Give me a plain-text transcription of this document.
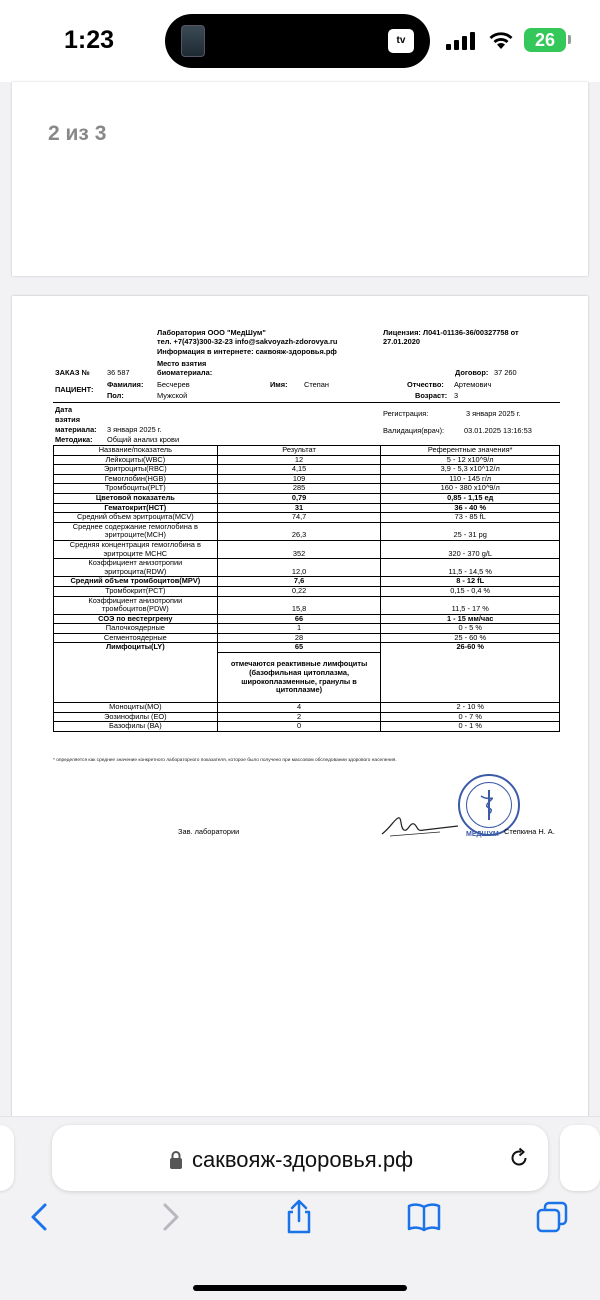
1:23	tv	26
2 из 3
Лаборатория ООО "МедШум"
тел. +7(473)300-32-23 info@sakvoyazh-zdorovya.ru
Информация в интернете: саквояж-здоровья.рф
Место взятия
биоматериала:
Лицензия: Л041-01136-36/00327758 от
27.01.2020
ЗАКАЗ № 36 587	Договор: 37 260
ПАЦИЕНТ:
Фамилия: Бесчерев	Имя: Степан	Отчество: Артемович
Пол:	Мужской	Возраст: 3
Дата
взятия
материала: 3 января 2025 г.
Методика: Общий анализ крови
Регистрация:	3 января 2025 г.
Валидация(врач):	03.01.2025 13:16:53
Название/показатель	Результат	Референтные значения*
Лейкоциты(WBC)	12	5 - 12 x10^9/л
Эритроциты(RBC)	4,15	3,9 - 5,3 x10^12/л
Гемоглобин(HGB)	109	110 - 145 г/л
Тромбоциты(PLT)	285	160 - 380 x10^9/л
Цветовой показатель	0,79	0,85 - 1,15 ед
Гематокрит(HCT)	31	36 - 40 %
Средний объем эритроцита(MCV)	74,7	73 - 85 fL
Среднее содержание гемоглобина в
эритроците(MCH)	26,3	25 - 31 pg
Средняя концентрация гемоглобина в
эритроците MCHC	352	320 - 370 g/L
Коэффициент анизотропии
эритроцита(RDW)	12,0	11,5 - 14,5 %
Средний объем тромбоцитов(MPV)	7,6	8 - 12 fL
Тромбокрит(PCT)	0,22	0,15 - 0,4 %
Коэффициент анизотропии
тромбоцитов(PDW)	15,8	11,5 - 17 %
СОЭ по вестергрену	66	1 - 15 мм/час
Палочкоядерные	1	0 - 5 %
Сегментоядерные	28	25 - 60 %
Лимфоциты(LY)	65	26-60 %
	отмечаются реактивные лимфоциты
(базофильная цитоплазма,
широкоплазменные, гранулы в
цитоплазме)	
Моноциты(МО)	4	2 - 10 %
Эозинофилы (ЕО)	2	0 - 7 %
Базофилы (ВА)	0	0 - 1 %
* определяется как среднее значение конкретного лабораторного показателя, которое было получено при массовом обследовании здорового населения.
Зав. лаборатории	МЕДШУМ Степкина Н. А.
саквояж-здоровья.рф
